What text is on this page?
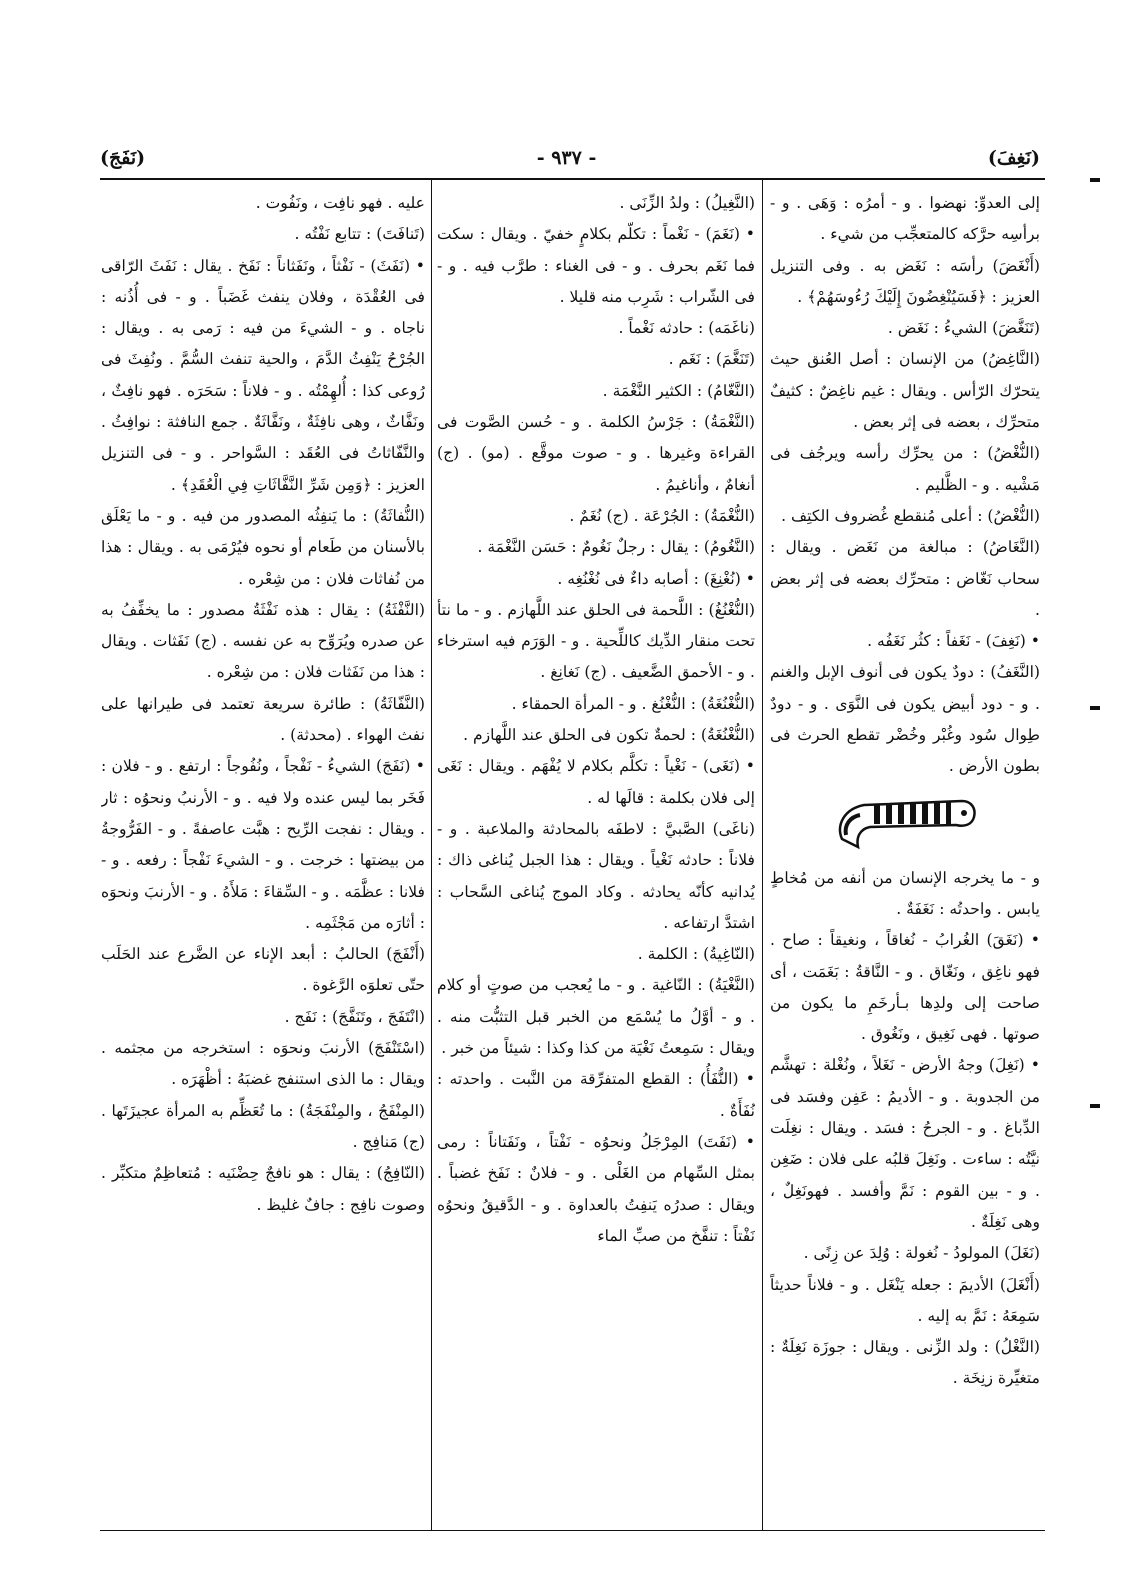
(نَغِفَ)
- ٩٣٧ -
(نَفَجَ)

إلى العدوِّ: نهضوا . و - أمرُه : وَهَى . و - برأسِه حرَّكه كالمتعجِّب من شيء .

(أَنْغَضَ) رأسَه : نَغَض به . وفى التنزيل العزيز : ﴿فَسَيُنْغِضُونَ إِلَيْكَ رُءُوسَهُمْ﴾ .

(تَنَغَّضَ) الشيءُ : نَغَض .

(النَّاغِضُ) من الإنسان : أصل العُنق حيث يتحرّك الرّأس . ويقال : غيم ناغِضٌ : كثيفٌ متحرِّك ، بعضه فى إثر بعض .

(النُّغْضُ) : من يحرِّك رأسه ويرجُف فى مَشْيه . و - الظَّليم .

(النُّغْضُ) : أعلى مُنقطع غُضروف الكتِف .

(النَّغَاضُ) : مبالغة من نَغَض . ويقال : سحاب نَغّاض : متحرِّك بعضه فى إثر بعض .

• (نَغِفَ) - نَغَفاً : كثُر نَغَفُه .

(النَّغَفُ) : دودٌ يكون فى أنوف الإبل والغنم . و - دود أبيض يكون فى النَّوَى . و - دودٌ طِوال سُود وغُبْر وخُضْر تقطع الحرث فى بطون الأرض .

و - ما يخرجه الإنسان من أنفه من مُخاطٍ يابس . واحدتُه : نَغَفَةٌ .

• (نَغَقَ) الغُرابُ - نُغاقاً ، ونغيقاً : صاح . فهو ناغِق ، ونَغّاق . و - النَّاقةُ : بَغَمَت ، أى صاحت إلى ولدِها بـأرخَمِ ما يكون من صوتها . فهى نَغِيق ، ونَغُوق .

• (نَغِلَ) وجهُ الأرض - نَغَلاً ، ونُغْلة : تهشَّم من الجدوبة . و - الأديمُ : عَفِن وفسَد فى الدِّباغ . و - الجرحُ : فسَد . ويقال : نغِلَت نيَّتُه : ساءت . ونَغِلَ قلبُه على فلان : ضَغِن . و - بين القوم : نَمَّ وأفسد . فهونَغِلٌ ، وهى نَغِلَةٌ .

(نَغَلَ) المولودُ - نُغولة : وُلِدَ عن زِنًى .

(أَنْغَلَ) الأديمَ : جعله يَنْغَل . و - فلاناً حديثاً سَمِعَهُ : نَمَّ به إليه .

(النَّغْلُ) : ولد الزِّنى . ويقال : جوزَة نَغِلَةٌ : متغيِّرة زنِخَة .

(النَّغِيلُ) : ولدُ الزِّنَى .

• (نَغَمَ) - نَغْماً : تكلّم بكلامٍ خفيّ . ويقال : سكت فما نَغَم بحرف . و - فى الغناء : طرَّب فيه . و - فى الشّراب : شَرِب منه قليلا .

(ناغَمَه) : حادثه نَغْماً .

(تَنَغَّمَ) : نَغَم .

(النَّغّامُ) : الكثير النَّغْمَة .

(النَّغْمَةُ) : جَرْسُ الكلمة . و - حُسن الصَّوت فى القراءة وغيرها . و - صوت موقَّع . (مو) . (ج) أنغامٌ ، وأناغيمُ .

(النُّغْمَةُ) : الجُرْعَة . (ج) نُغَمٌ .

(النَّغُومُ) : يقال : رجلٌ نَغُومٌ : حَسَن النَّغْمَة .

• (نُغْنِغَ) : أصابه داءٌ فى نُغْنُغِه .

(النُّغْنُغُ) : اللَّحمة فى الحلق عند اللَّهازم . و - ما نتأ تحت منقار الدِّيك كاللِّحية . و - الوَرَم فيه استرخاء . و - الأحمق الضَّعيف . (ج) نَغانِغ .

(النُّغْنُغَةُ) : النُّغْنُغ . و - المرأة الحمقاء .

(النُّغْنُغَةُ) : لحمةٌ تكون فى الحلق عند اللَّهازم .

• (نَغَى) - نَغْياً : تكلَّم بكلام لا يُفْهَم . ويقال : نَغَى إلى فلان بكلمة : قالَها له .

(ناغَى) الصَّبيَّ : لاطفَه بالمحادثة والملاعبة . و - فلاناً : حادثه نَغْياً . ويقال : هذا الجبل يُناغى ذاك : يُدانيه كأنّه يحادثه . وكاد الموج يُناغى السَّحاب : اشتدَّ ارتفاعه .

(النّاغِيةُ) : الكلمة .

(النَّغْيَةُ) : النّاغية . و - ما يُعجب من صوتٍ أو كلام . و - أوَّلُ ما يُسْمَع من الخبر قبل التثبُّت منه . ويقال : سَمِعتُ نَغْيَة من كذا وكذا : شيئاً من خبر .

• (النُّفَأُ) : القطع المتفرِّقة من النَّبت . واحدته : نُفَأَةٌ .

• (نَفَتَ) المِرْجَلُ ونحوُه - نَفْتاً ، ونَفَتاناً : رمى بمثل السِّهام من الغَلْى . و - فلانٌ : نَفَخ غضباً . ويقال : صدرُه يَنفِتُ بالعداوة . و - الدَّقيقُ ونحوُه نَفْتاً : تنفَّخ من صبِّ الماء

عليه . فهو نافِت ، ونَفُوت .

(تَنافَتَ) : تتابع نَفْتُه .

• (نَفَثَ) - نَفْثاً ، ونَفَثاناً : نَفَخ . يقال : نَفَثَ الرّاقى فى العُقْدَة ، وفلان ينفث غَضَباً . و - فى أُذُنه : ناجاه . و - الشيءَ من فيه : رَمى به . ويقال : الجُرْحُ يَنْفِثُ الدَّمَ ، والحية تنفث السُّمَّ . ونُفِثَ فى رُوعى كذا : أُلهِمْتُه . و - فلاناً : سَحَرَه . فهو نافِثٌ ، ونَفَّاثٌ ، وهى نافِثَةٌ ، ونَفَّاثَةٌ . جمع النافثة : نوافِثُ . والنَّفّاثاتُ فى العُقَد : السَّواحر . و - فى التنزيل العزيز : ﴿وَمِن شَرِّ النَّفَّاثَاتِ فِي الْعُقَدِ﴾ .

(النُّفاثَةُ) : ما يَنفِثُه المصدور من فيه . و - ما يَعْلَق بالأسنان من طَعام أو نحوه فيُرْمَى به . ويقال : هذا من نُفاثات فلان : من شِعْره .

(النَّفْثَةُ) : يقال : هذه نَفْثَةُ مصدور : ما يخفِّفُ به عن صدره ويُرَوِّح به عن نفسه . (ج) نَفَثات . ويقال : هذا من نَفَثات فلان : من شِعْره .

(النَّفّاثَةُ) : طائرة سريعة تعتمد فى طيرانها على نفث الهواء . (محدثة) .

• (نَفَجَ) الشيءُ - نَفْجاً ، ونُفُوجاً : ارتفع . و - فلان : فَخَر بما ليس عنده ولا فيه . و - الأرنبُ ونحوُه : ثار . ويقال : نفجت الرِّيح : هبَّت عاصفةً . و - الفَرُّوجةُ من بيضتها : خرجت . و - الشيءَ نَفْجاً : رفعه . و - فلانا : عظَّمَه . و - السِّقاءَ : مَلأَهُ . و - الأرنبَ ونحوَه : أثارَه من مَجْثَمِه .

(أَنْفَجَ) الحالبُ : أبعد الإناء عن الضَّرع عند الحَلَب حتّى تعلوَه الرَّغوة .

(انْتَفَجَ ، وتَنَفَّجَ) : نَفَج .

(اسْتَنْفَجَ) الأرنبَ ونحوَه : استخرجه من مجثمه . ويقال : ما الذى استنفج غضبَهُ : أظْهَرَه .

(المِنْفَجُ ، والمِنْفَجَةُ) : ما تُعَظِّم به المرأة عجيزَتَها . (ج) مَنافِج .

(النّافِجُ) : يقال : هو نافجٌ حِضْنَيه : مُتعاظِمٌ متكبِّر . وصوت نافِج : جافٌ غليظ .
